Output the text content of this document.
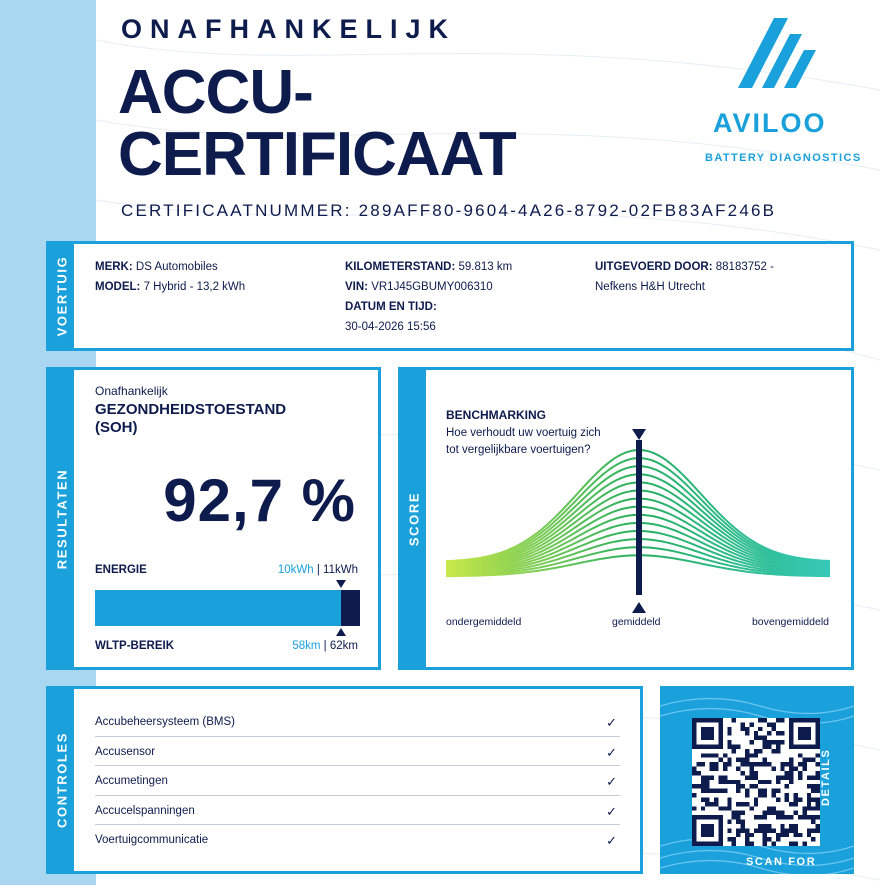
ONAFHANKELIJK
ACCU-
CERTIFICAAT
CERTIFICAATNUMMER: 289AFF80-9604-4A26-8792-02FB83AF246B
AVILOO
BATTERY DIAGNOSTICS
VOERTUIG MERK: DS Automobiles
MODEL: 7 Hybrid - 13,2 kWh
KILOMETERSTAND: 59.813 km
VIN: VR1J45GBUMY006310
DATUM EN TIJD:
30-04-2026 15:56
UITGEVOERD DOOR: 88183752 -
Nefkens H&H Utrecht
RESULTATEN
Onafhankelijk
GEZONDHEIDSTOESTAND
(SOH)
92,7 %
ENERGIE	10kWh | 11kWh
WLTP-BEREIK	58km | 62km
SCORE
BENCHMARKING
Hoe verhoudt uw voertuig zich tot vergelijkbare voertuigen?
ondergemiddeld	gemiddeld	bovengemiddeld
CONTROLES
Accubeheersysteem (BMS)	✓
Accusensor	✓
Accumetingen	✓
Accucelspanningen	✓
Voertuigcommunicatie	✓
SCAN FOR
DETAILS
